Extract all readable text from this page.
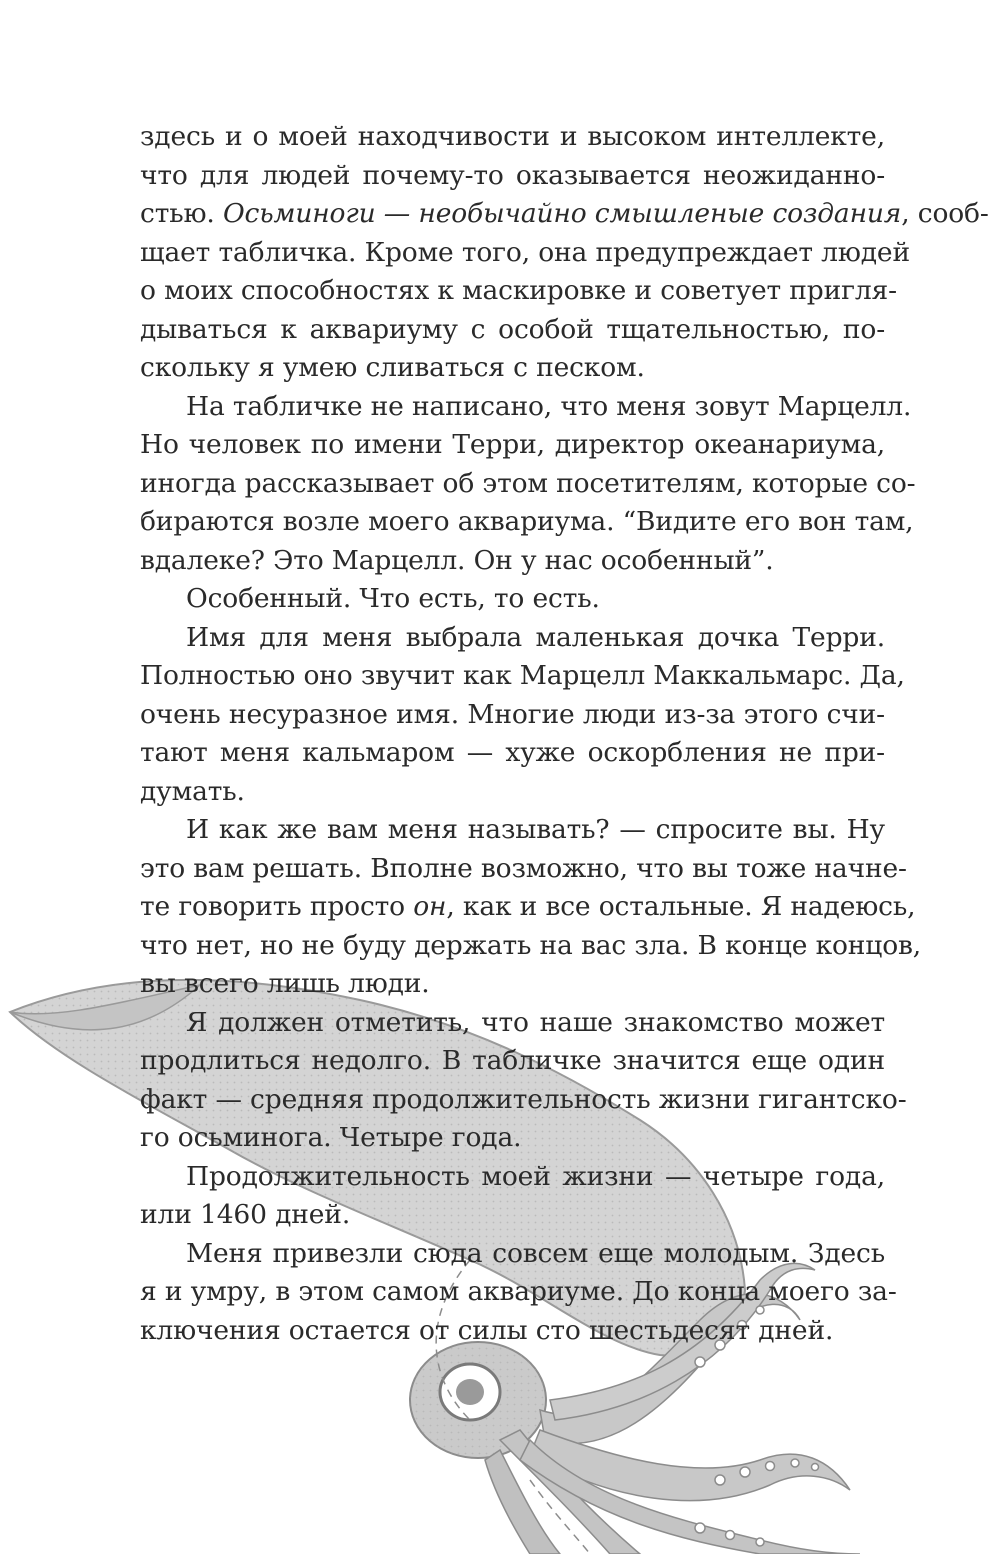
здесь и о моей находчивости и высоком интеллекте,
что для людей почему-то оказывается неожиданно-
стью. Осьминоги — необычайно смышленые создания, сооб-
щает табличка. Кроме того, она предупреждает людей
о моих способностях к маскировке и советует пригля-
дываться к аквариуму с особой тщательностью, по-
скольку я умею сливаться с песком.
На табличке не написано, что меня зовут Марцелл.
Но человек по имени Терри, директор океанариума,
иногда рассказывает об этом посетителям, которые со-
бираются возле моего аквариума. “Видите его вон там,
вдалеке? Это Марцелл. Он у нас особенный”.
Особенный. Что есть, то есть.
Имя для меня выбрала маленькая дочка Терри.
Полностью оно звучит как Марцелл Маккальмарс. Да,
очень несуразное имя. Многие люди из-за этого счи-
тают меня кальмаром — хуже оскорбления не при-
думать.
И как же вам меня называть? — спросите вы. Ну
это вам решать. Вполне возможно, что вы тоже начне-
те говорить просто он, как и все остальные. Я надеюсь,
что нет, но не буду держать на вас зла. В конце концов,
вы всего лишь люди.
Я должен отметить, что наше знакомство может
продлиться недолго. В табличке значится еще один
факт — средняя продолжительность жизни гигантско-
го осьминога. Четыре года.
Продолжительность моей жизни — четыре года,
или 1460 дней.
Меня привезли сюда совсем еще молодым. Здесь
я и умру, в этом самом аквариуме. До конца моего за-
ключения остается от силы сто шестьдесят дней.
